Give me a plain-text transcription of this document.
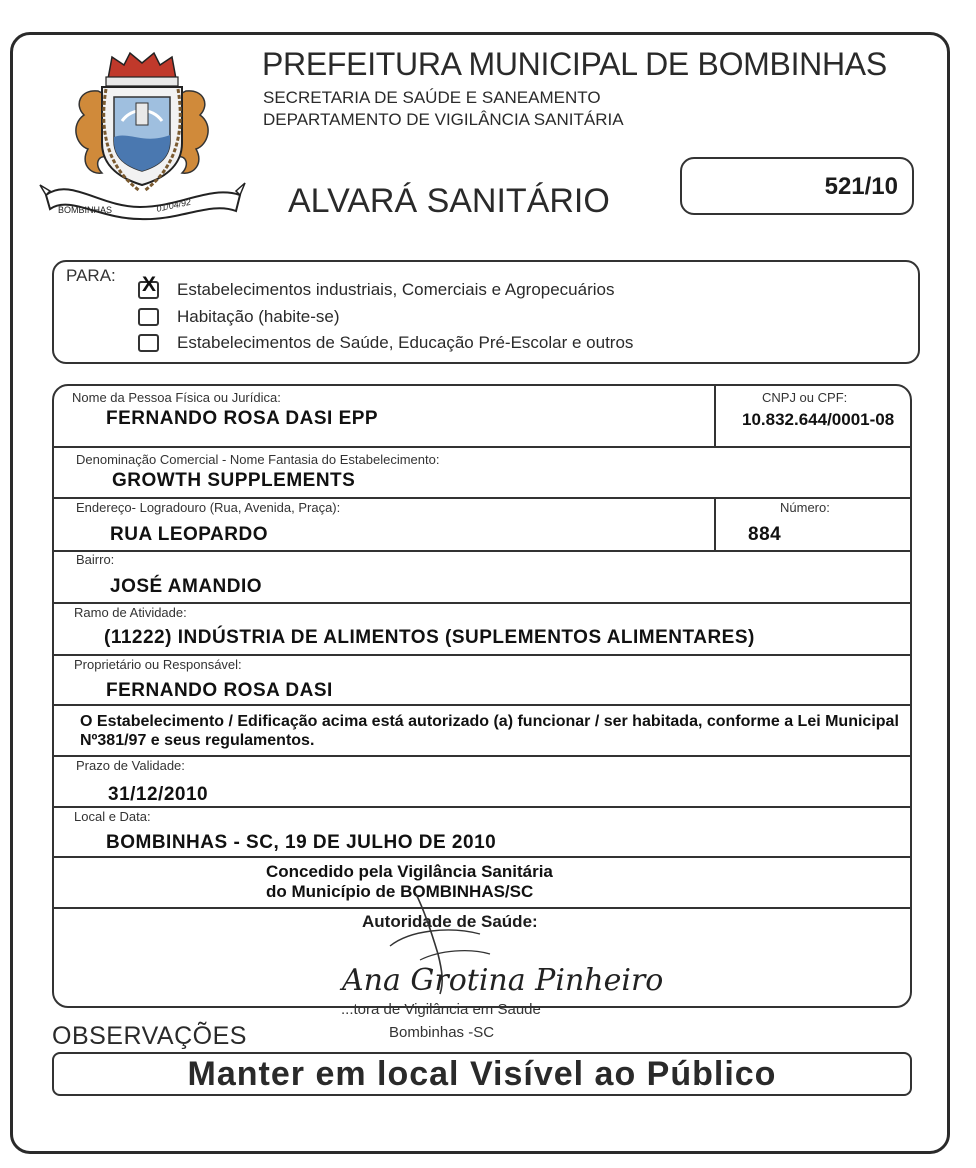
BOMBINHAS	01/04/92
PREFEITURA MUNICIPAL DE BOMBINHAS
SECRETARIA DE SAÚDE E SANEAMENTO
DEPARTAMENTO DE VIGILÂNCIA SANITÁRIA
ALVARÁ SANITÁRIO	521/10
PARA: X Estabelecimentos industriais, Comerciais e Agropecuários
Habitação (habite-se)
Estabelecimentos de Saúde, Educação Pré-Escolar e outros
Nome da Pessoa Física ou Jurídica:
FERNANDO ROSA DASI EPP
CNPJ ou CPF:
10.832.644/0001-08
Denominação Comercial - Nome Fantasia do Estabelecimento:
GROWTH SUPPLEMENTS
Endereço- Logradouro (Rua, Avenida, Praça):
RUA LEOPARDO
Número:
884
Bairro:
JOSÉ AMANDIO
Ramo de Atividade:
(11222) INDÚSTRIA DE ALIMENTOS (SUPLEMENTOS ALIMENTARES)
Proprietário ou Responsável:
FERNANDO ROSA DASI
O Estabelecimento / Edificação acima está autorizado (a) funcionar / ser habitada, conforme a Lei Municipal Nº381/97 e seus regulamentos.
Prazo de Validade:
31/12/2010
Local e Data:
BOMBINHAS - SC, 19 DE JULHO DE 2010
Concedido pela Vigilância Sanitária
do Município de BOMBINHAS/SC
Autoridade de Saúde:
Ana Grotina Pinheiro
...tora de Vigilância em Saude
Bombinhas -SC
OBSERVAÇÕES
Manter em local Visível ao Público
